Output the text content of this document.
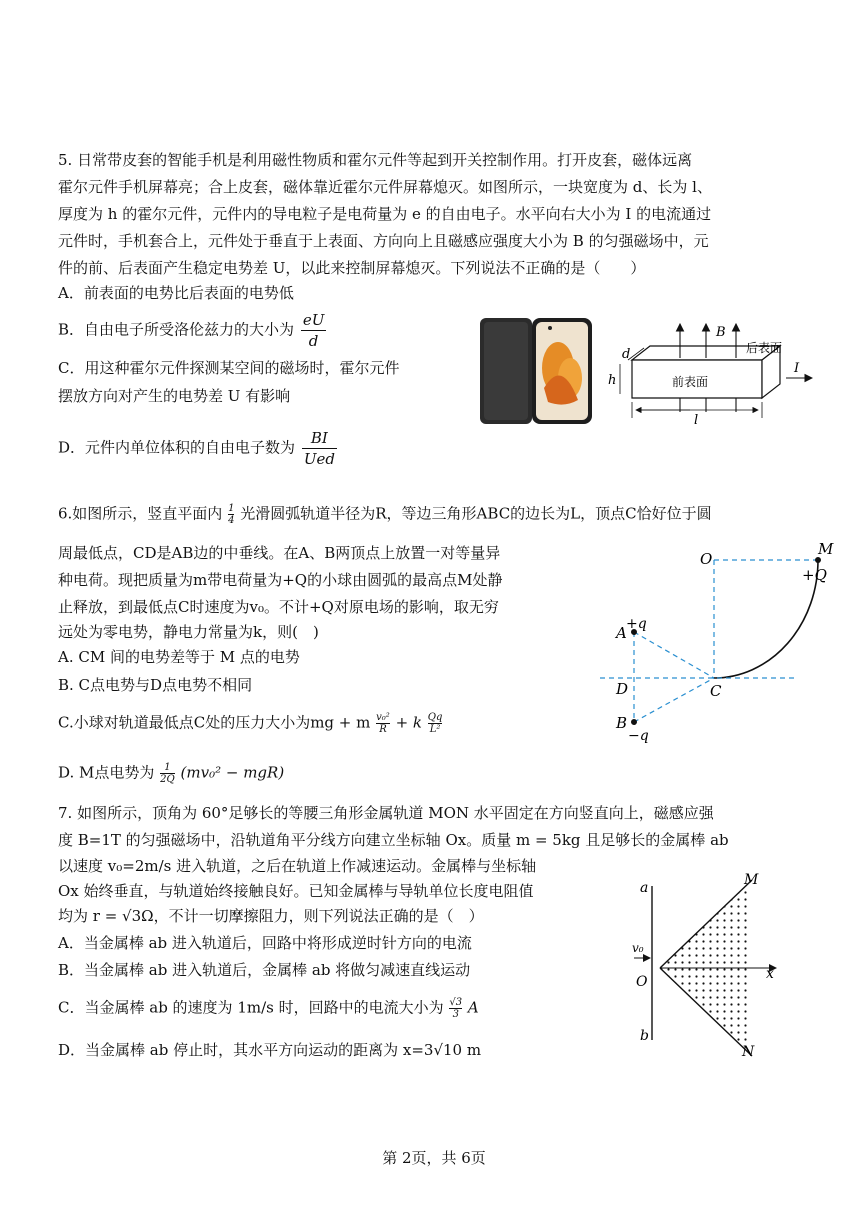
5. 日常带皮套的智能手机是利用磁性物质和霍尔元件等起到开关控制作用。打开皮套，磁体远离
霍尔元件手机屏幕亮；合上皮套，磁体靠近霍尔元件屏幕熄灭。如图所示，一块宽度为 d、长为 l、
厚度为 h 的霍尔元件，元件内的导电粒子是电荷量为 e 的自由电子。水平向右大小为 I 的电流通过
元件时，手机套合上，元件处于垂直于上表面、方向向上且磁感应强度大小为 B 的匀强磁场中，元
件的前、后表面产生稳定电势差 U，以此来控制屏幕熄灭。下列说法不正确的是（　　）
A．前表面的电势比后表面的电势低
B．自由电子所受洛伦兹力的大小为 $\frac{eU}{d}$
C．用这种霍尔元件探测某空间的磁场时，霍尔元件
摆放方向对产生的电势差 U 有影响
D．元件内单位体积的自由电子数为 $\frac{BI}{\text{Ued}}$
B
后表面
前表面
I
d
h
l
6.如图所示，竖直平面内 $\frac{1}{4}$ 光滑圆弧轨道半径为R，等边三角形ABC的边长为L，顶点C恰好位于圆
周最低点，CD是AB边的中垂线。在A、B两顶点上放置一对等量异
种电荷。现把质量为m带电荷量为+Q的小球由圆弧的最高点M处静
止释放，到最低点C时速度为v₀。不计+Q对原电场的影响，取无穷
远处为零电势，静电力常量为k，则(　)
A. CM 间的电势差等于 M 点的电势
B. C点电势与D点电势不相同
C.小球对轨道最低点C处的压力大小为mg + m $\frac{\text{v₀²}}{R} + k \frac{Qq}{\text{L²}}$
D. M点电势为 $\frac{1}{2Q} (mv_0^2 - mgR)$
O
M
+Q
+q
A
D	C
B
−q
7. 如图所示，顶角为 60°足够长的等腰三角形金属轨道 MON 水平固定在方向竖直向上，磁感应强
度 B=1T 的匀强磁场中，沿轨道角平分线方向建立坐标轴 Ox。质量 m = 5kg 且足够长的金属棒 ab
以速度 v₀=2m/s 进入轨道，之后在轨道上作减速运动。金属棒与坐标轴
Ox 始终垂直，与轨道始终接触良好。已知金属棒与导轨单位长度电阻值
均为 r = √3Ω，不计一切摩擦阻力，则下列说法正确的是（　）
A．当金属棒 ab 进入轨道后，回路中将形成逆时针方向的电流
B．当金属棒 ab 进入轨道后，金属棒 ab 将做匀减速直线运动
C．当金属棒 ab 的速度为 1m/s 时，回路中的电流大小为 $\frac{√3}{3}$ A
D．当金属棒 ab 停止时，其水平方向运动的距离为 x=3√10 m
a	M
v₀
O	x
b
N
第 2页，共 6页
